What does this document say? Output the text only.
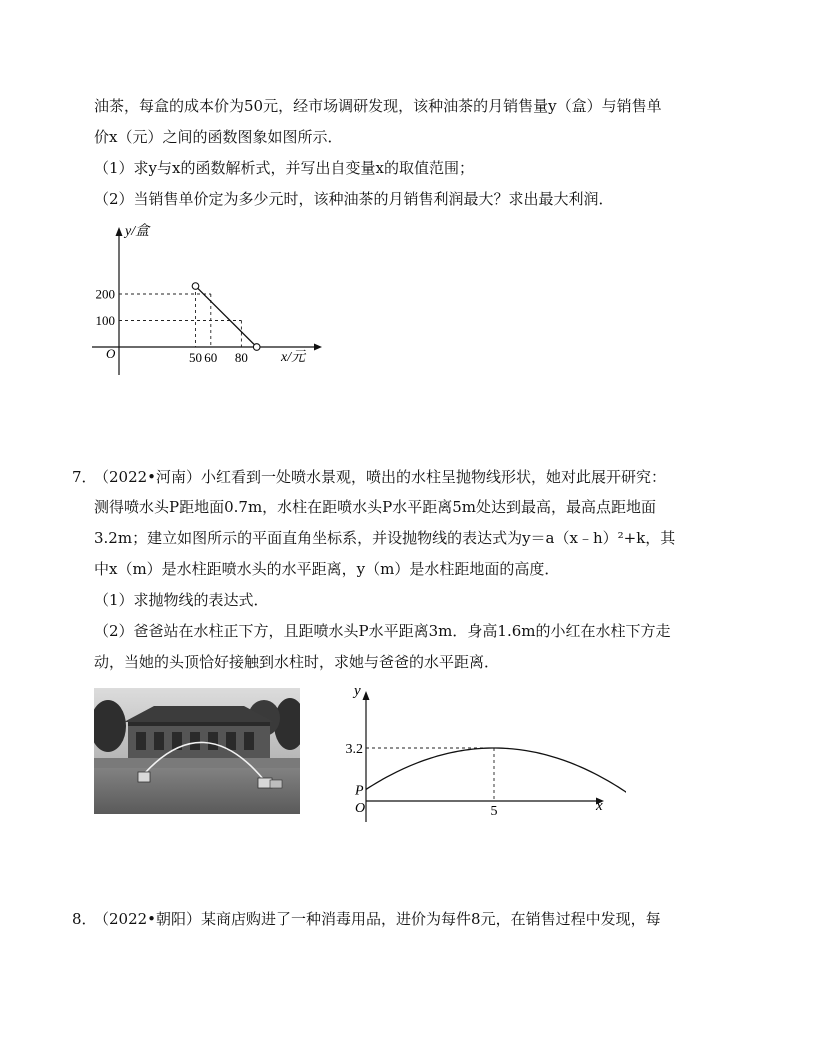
油茶，每盒的成本价为50元，经市场调研发现，该种油茶的月销售量y（盒）与销售单
价x（元）之间的函数图象如图所示．
（1）求y与x的函数解析式，并写出自变量x的取值范围；
（2）当销售单价定为多少元时，该种油茶的月销售利润最大？求出最大利润．
y/盒
x/元
O	50 60 80
200
100
7．
（2022•河南）小红看到一处喷水景观，喷出的水柱呈抛物线形状，她对此展开研究：
测得喷水头P距地面0.7m，水柱在距喷水头P水平距离5m处达到最高，最高点距地面
3.2m；建立如图所示的平面直角坐标系，并设抛物线的表达式为y＝a（x﹣h）²+k，其
中x（m）是水柱距喷水头的水平距离，y（m）是水柱距地面的高度．
（1）求抛物线的表达式．
（2）爸爸站在水柱正下方，且距喷水头P水平距离3m．身高1.6m的小红在水柱下方走
动，当她的头顶恰好接触到水柱时，求她与爸爸的水平距离．
y
x
O
P
5
3.2
8．
（2022•朝阳）某商店购进了一种消毒用品，进价为每件8元，在销售过程中发现，每
